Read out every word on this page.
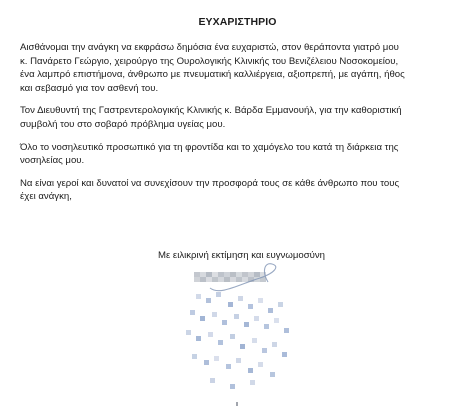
ΕΥΧΑΡΙΣΤΗΡΙΟ

Αισθάνομαι την ανάγκη να εκφράσω δημόσια ένα ευχαριστώ, στον θεράποντα γιατρό μου
κ. Πανάρετο Γεώργιο, χειρούργο της Ουρολογικής Κλινικής του Βενιζέλειου Νοσοκομείου,
ένα λαμπρό επιστήμονα, άνθρωπο με πνευματική καλλιέργεια, αξιοπρεπή, με αγάπη, ήθος
και σεβασμό για τον ασθενή του.

Τον Διευθυντή της Γαστρεντερολογικής Κλινικής κ. Βάρδα Εμμανουήλ, για την καθοριστική
συμβολή του στο σοβαρό πρόβλημα υγείας μου.

Όλο το νοσηλευτικό προσωπικό για τη φροντίδα και το χαμόγελο του κατά τη διάρκεια της
νοσηλείας μου.

Να είναι γεροί και δυνατοί να συνεχίσουν την προσφορά τους σε κάθε άνθρωπο που τους
έχει ανάγκη,

Με ειλικρινή εκτίμηση και ευγνωμοσύνη
